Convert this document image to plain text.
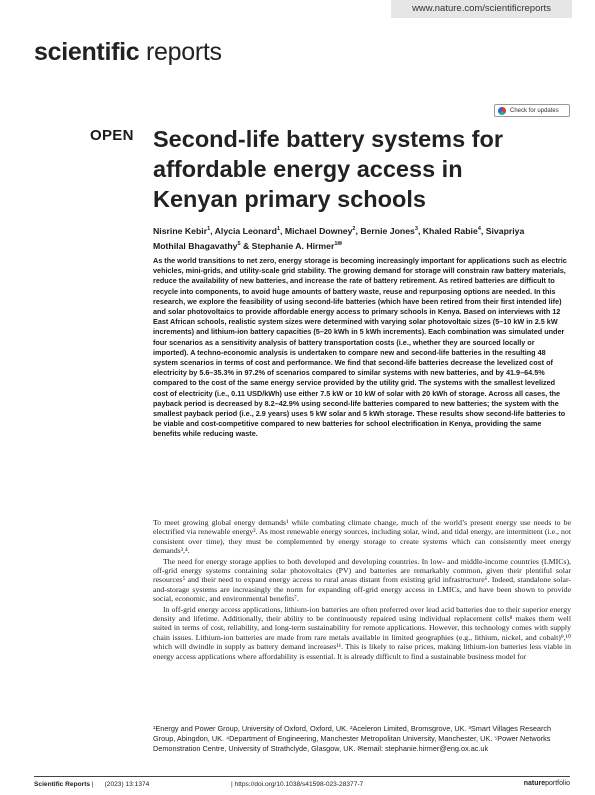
www.nature.com/scientificreports
scientific reports
Check for updates
OPEN Second-life battery systems for affordable energy access in Kenyan primary schools
Nisrine Kebir$^1$, Alycia Leonard$^1$, Michael Downey$^2$, Bernie Jones$^3$, Khaled Rabie$^4$, Sivapriya Mothilal Bhagavathy$^5$ & Stephanie A. Hirmer$^{1✉}$

As the world transitions to net zero, energy storage is becoming increasingly important for applications such as electric vehicles, mini-grids, and utility-scale grid stability. The growing demand for storage will constrain raw battery materials, reduce the availability of new batteries, and increase the rate of battery retirement. As retired batteries are difficult to recycle into components, to avoid huge amounts of battery waste, reuse and repurposing options are needed. In this research, we explore the feasibility of using second-life batteries (which have been retired from their first intended life) and solar photovoltaics to provide affordable energy access to primary schools in Kenya. Based on interviews with 12 East African schools, realistic system sizes were determined with varying solar photovoltaic sizes (5–10 kW in 2.5 kW increments) and lithium-ion battery capacities (5–20 kWh in 5 kWh increments). Each combination was simulated under four scenarios as a sensitivity analysis of battery transportation costs (i.e., whether they are sourced locally or imported). A techno-economic analysis is undertaken to compare new and second-life batteries in the resulting 48 system scenarios in terms of cost and performance. We find that second-life batteries decrease the levelized cost of electricity by 5.6–35.3% in 97.2% of scenarios compared to similar systems with new batteries, and by 41.9–64.5% compared to the cost of the same energy service provided by the utility grid. The systems with the smallest levelized cost of electricity (i.e., 0.11 USD/kWh) use either 7.5 kW or 10 kW of solar with 20 kWh of storage. Across all cases, the payback period is decreased by 8.2–42.9% using second-life batteries compared to new batteries; the system with the smallest payback period (i.e., 2.9 years) uses 5 kW solar and 5 kWh storage. These results show second-life batteries to be viable and cost-competitive compared to new batteries for school electrification in Kenya, providing the same benefits while reducing waste.

To meet growing global energy demands¹ while combating climate change, much of the world’s present energy use needs to be electrified via renewable energy². As most renewable energy sources, including solar, wind, and tidal energy, are intermittent (i.e., not consistent over time), they must be complemented by energy storage to create systems which can consistently meet energy demands³,⁴.

The need for energy storage applies to both developed and developing countries. In low- and middle-income countries (LMICs), off-grid energy systems containing solar photovoltaics (PV) and batteries are remarkably common, given their plentiful solar resources⁵ and their need to expand energy access to rural areas distant from existing grid infrastructure⁶. Indeed, standalone solar-and-storage systems are increasingly the norm for expanding off-grid energy access in LMICs, and have been shown to provide social, economic, and environmental benefits⁷.

In off-grid energy access applications, lithium-ion batteries are often preferred over lead acid batteries due to their superior energy density and lifetime. Additionally, their ability to be continuously repaired using individual replacement cells⁸ makes them well suited in terms of cost, reliability, and long-term sustainability for remote applications. However, this technology comes with supply chain issues. Lithium-ion batteries are made from rare metals available in limited geographies (e.g., lithium, nickel, and cobalt)⁹,¹⁰ which will dwindle in supply as battery demand increases¹¹. This is likely to raise prices, making lithium-ion batteries less viable in energy access applications where affordability is essential. It is already difficult to find a sustainable business model for

¹Energy and Power Group, University of Oxford, Oxford, UK. ²Aceleron Limited, Bromsgrove, UK. ³Smart Villages Research Group, Abingdon, UK. ⁴Department of Engineering, Manchester Metropolitan University, Manchester, UK. ⁵Power Networks Demonstration Centre, University of Strathclyde, Glasgow, UK. ✉email: stephanie.hirmer@eng.ox.ac.uk
Scientific Reports |      (2023) 13:1374	| https://doi.org/10.1038/s41598-023-28377-7	natureportfolio
